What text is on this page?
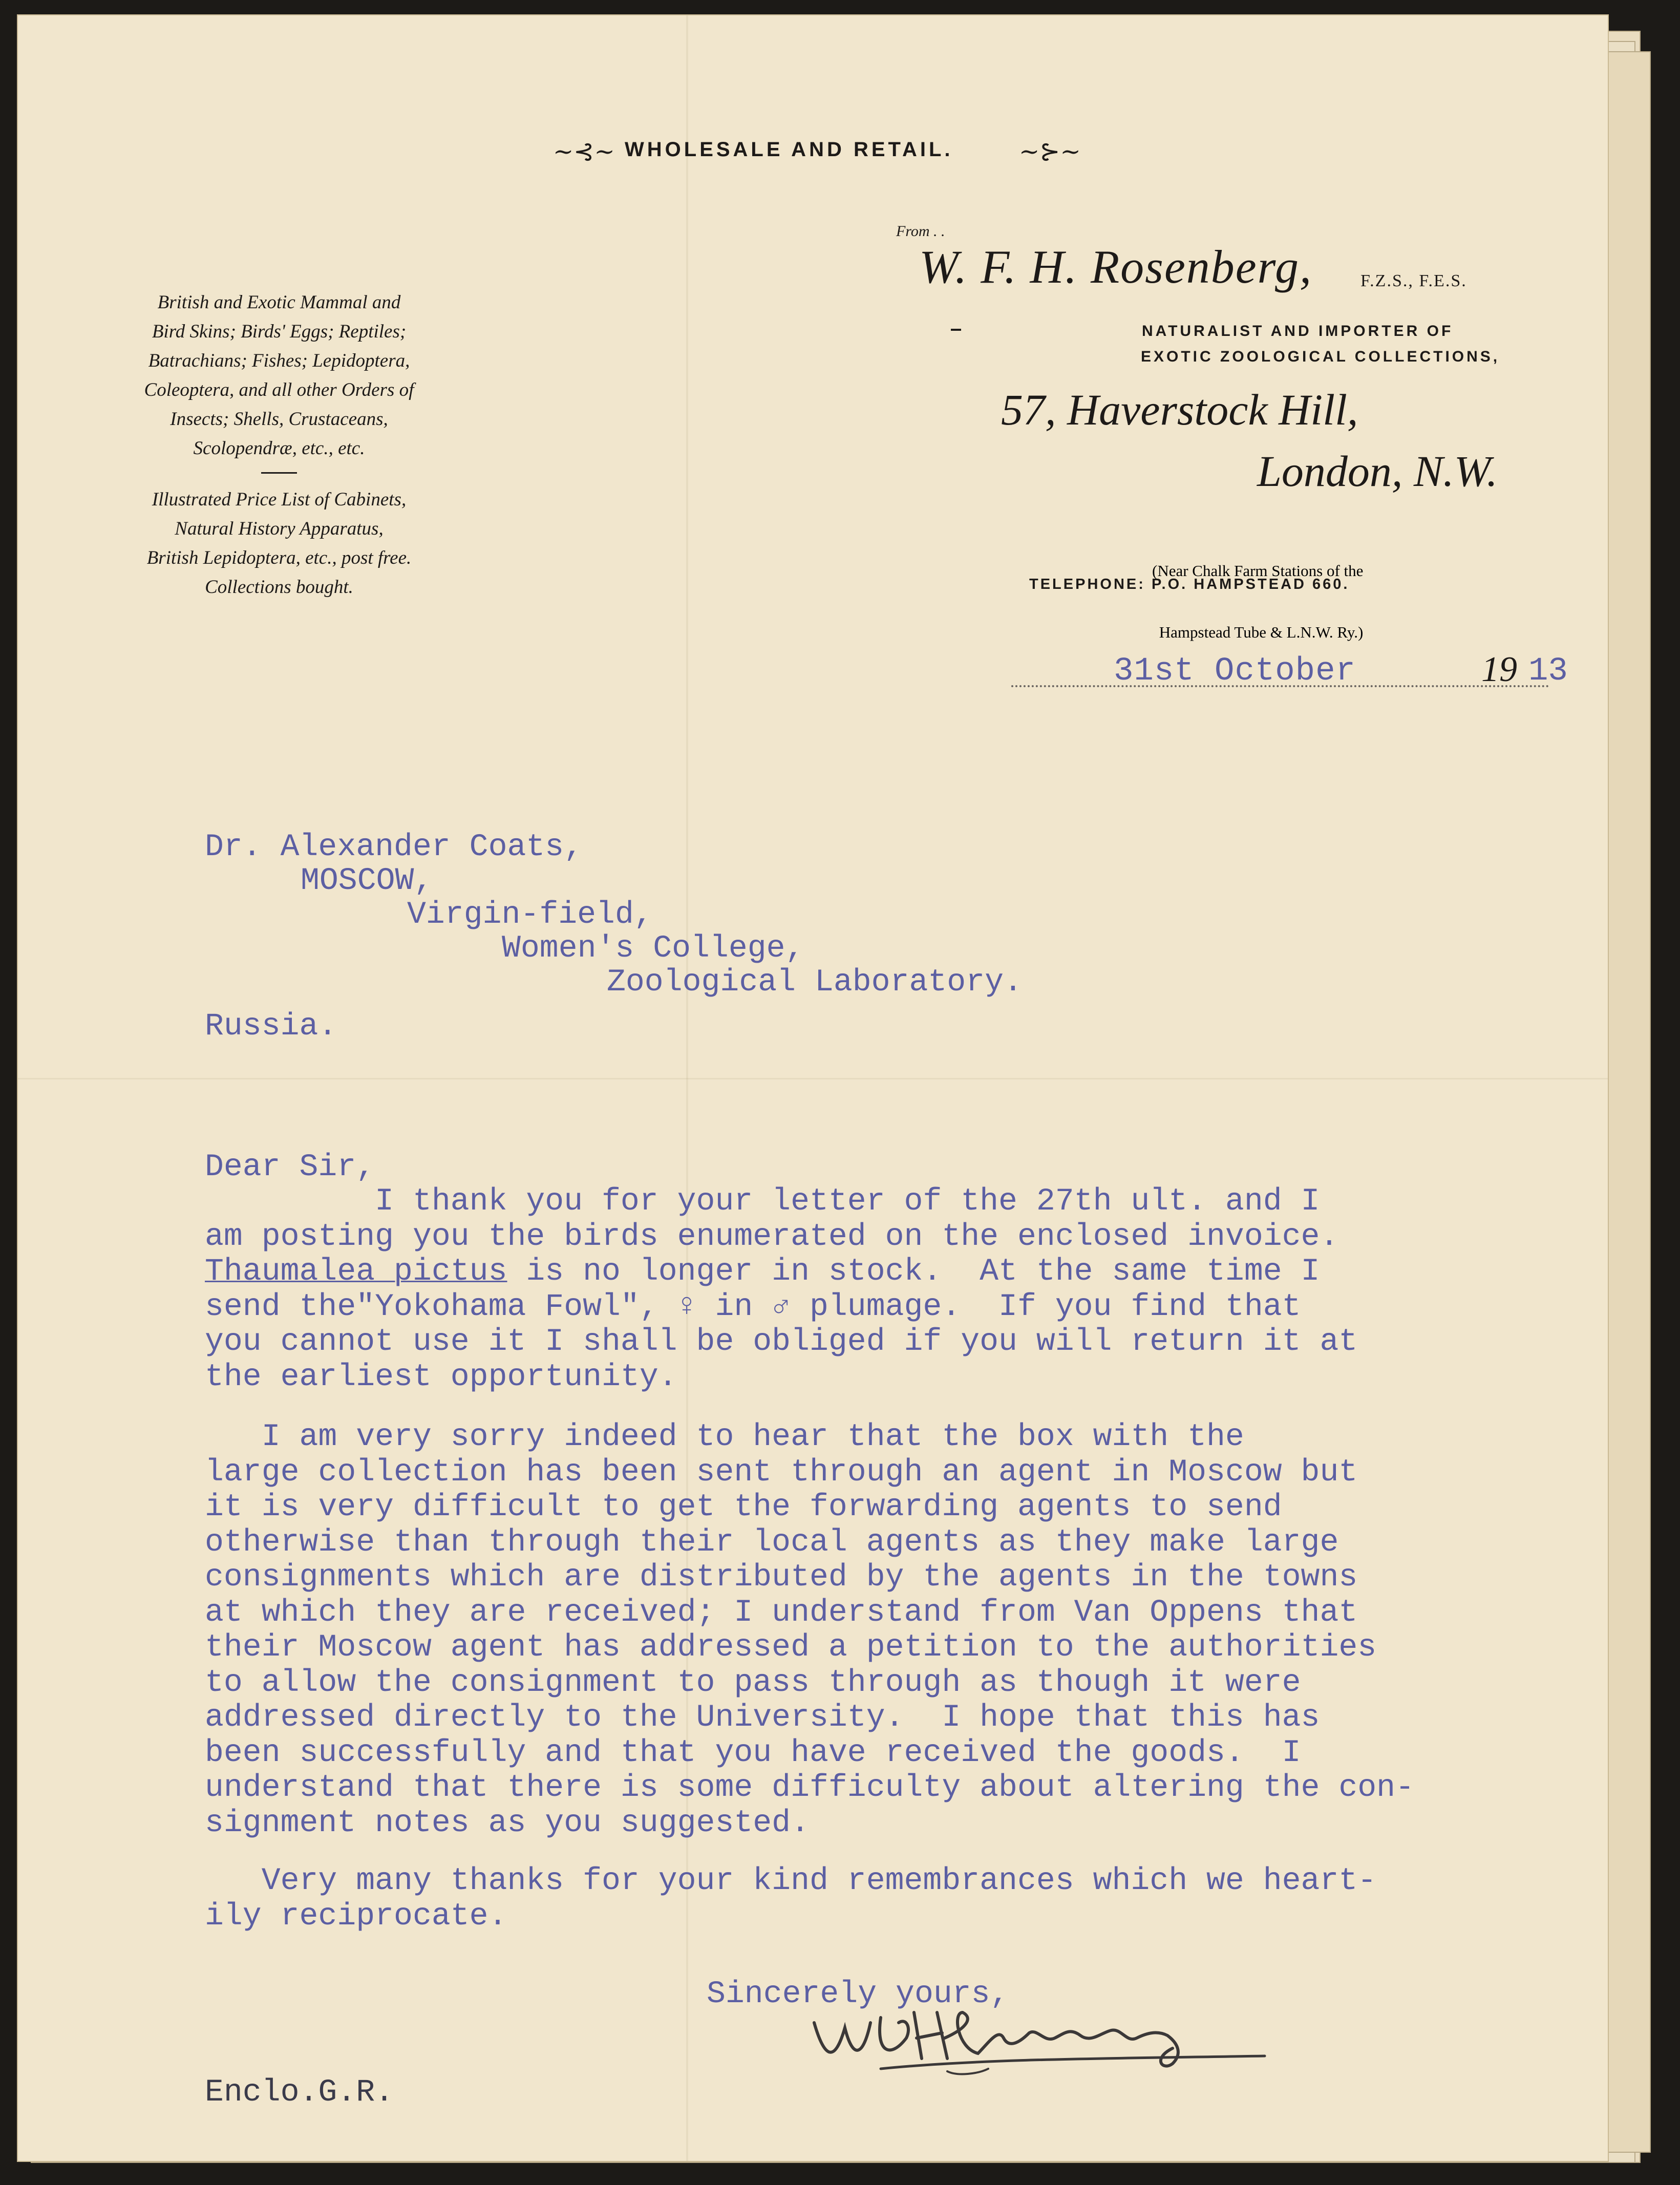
~⊰~ WHOLESALE AND RETAIL.	~⊱~
British and Exotic Mammal and
Bird Skins; Birds' Eggs; Reptiles;
Batrachians; Fishes; Lepidoptera,
Coleoptera, and all other Orders of
Insects; Shells, Crustaceans,
Scolopendræ, etc., etc.
Illustrated Price List of Cabinets,
Natural History Apparatus,
British Lepidoptera, etc., post free.
Collections bought.
From . .
W. F. H. Rosenberg,	F.Z.S., F.E.S.
NATURALIST AND IMPORTER OF
EXOTIC ZOOLOGICAL COLLECTIONS,
57, Haverstock Hill,
London, N.W.

(Near Chalk Farm Stations of the

Hampstead Tube & L.N.W. Ry.)

TELEPHONE: P.O. HAMPSTEAD 660.
31st October	19 13
Dr. Alexander Coats,
MOSCOW,
Virgin-field,
Women's College,
Zoological Laboratory.
Russia.
Dear Sir,
I thank you for your letter of the 27th ult. and I
am posting you the birds enumerated on the enclosed invoice.
Thaumalea pictus is no longer in stock.  At the same time I
send the"Yokohama Fowl", ♀ in ♂ plumage.  If you find that
you cannot use it I shall be obliged if you will return it at
the earliest opportunity.
I am very sorry indeed to hear that the box with the
large collection has been sent through an agent in Moscow but
it is very difficult to get the forwarding agents to send
otherwise than through their local agents as they make large
consignments which are distributed by the agents in the towns
at which they are received; I understand from Van Oppens that
their Moscow agent has addressed a petition to the authorities
to allow the consignment to pass through as though it were
addressed directly to the University.  I hope that this has
been successfully and that you have received the goods.  I
understand that there is some difficulty about altering the con-
signment notes as you suggested.
Very many thanks for your kind remembrances which we heart-
ily reciprocate.
Sincerely yours,
Enclo.G.R.
